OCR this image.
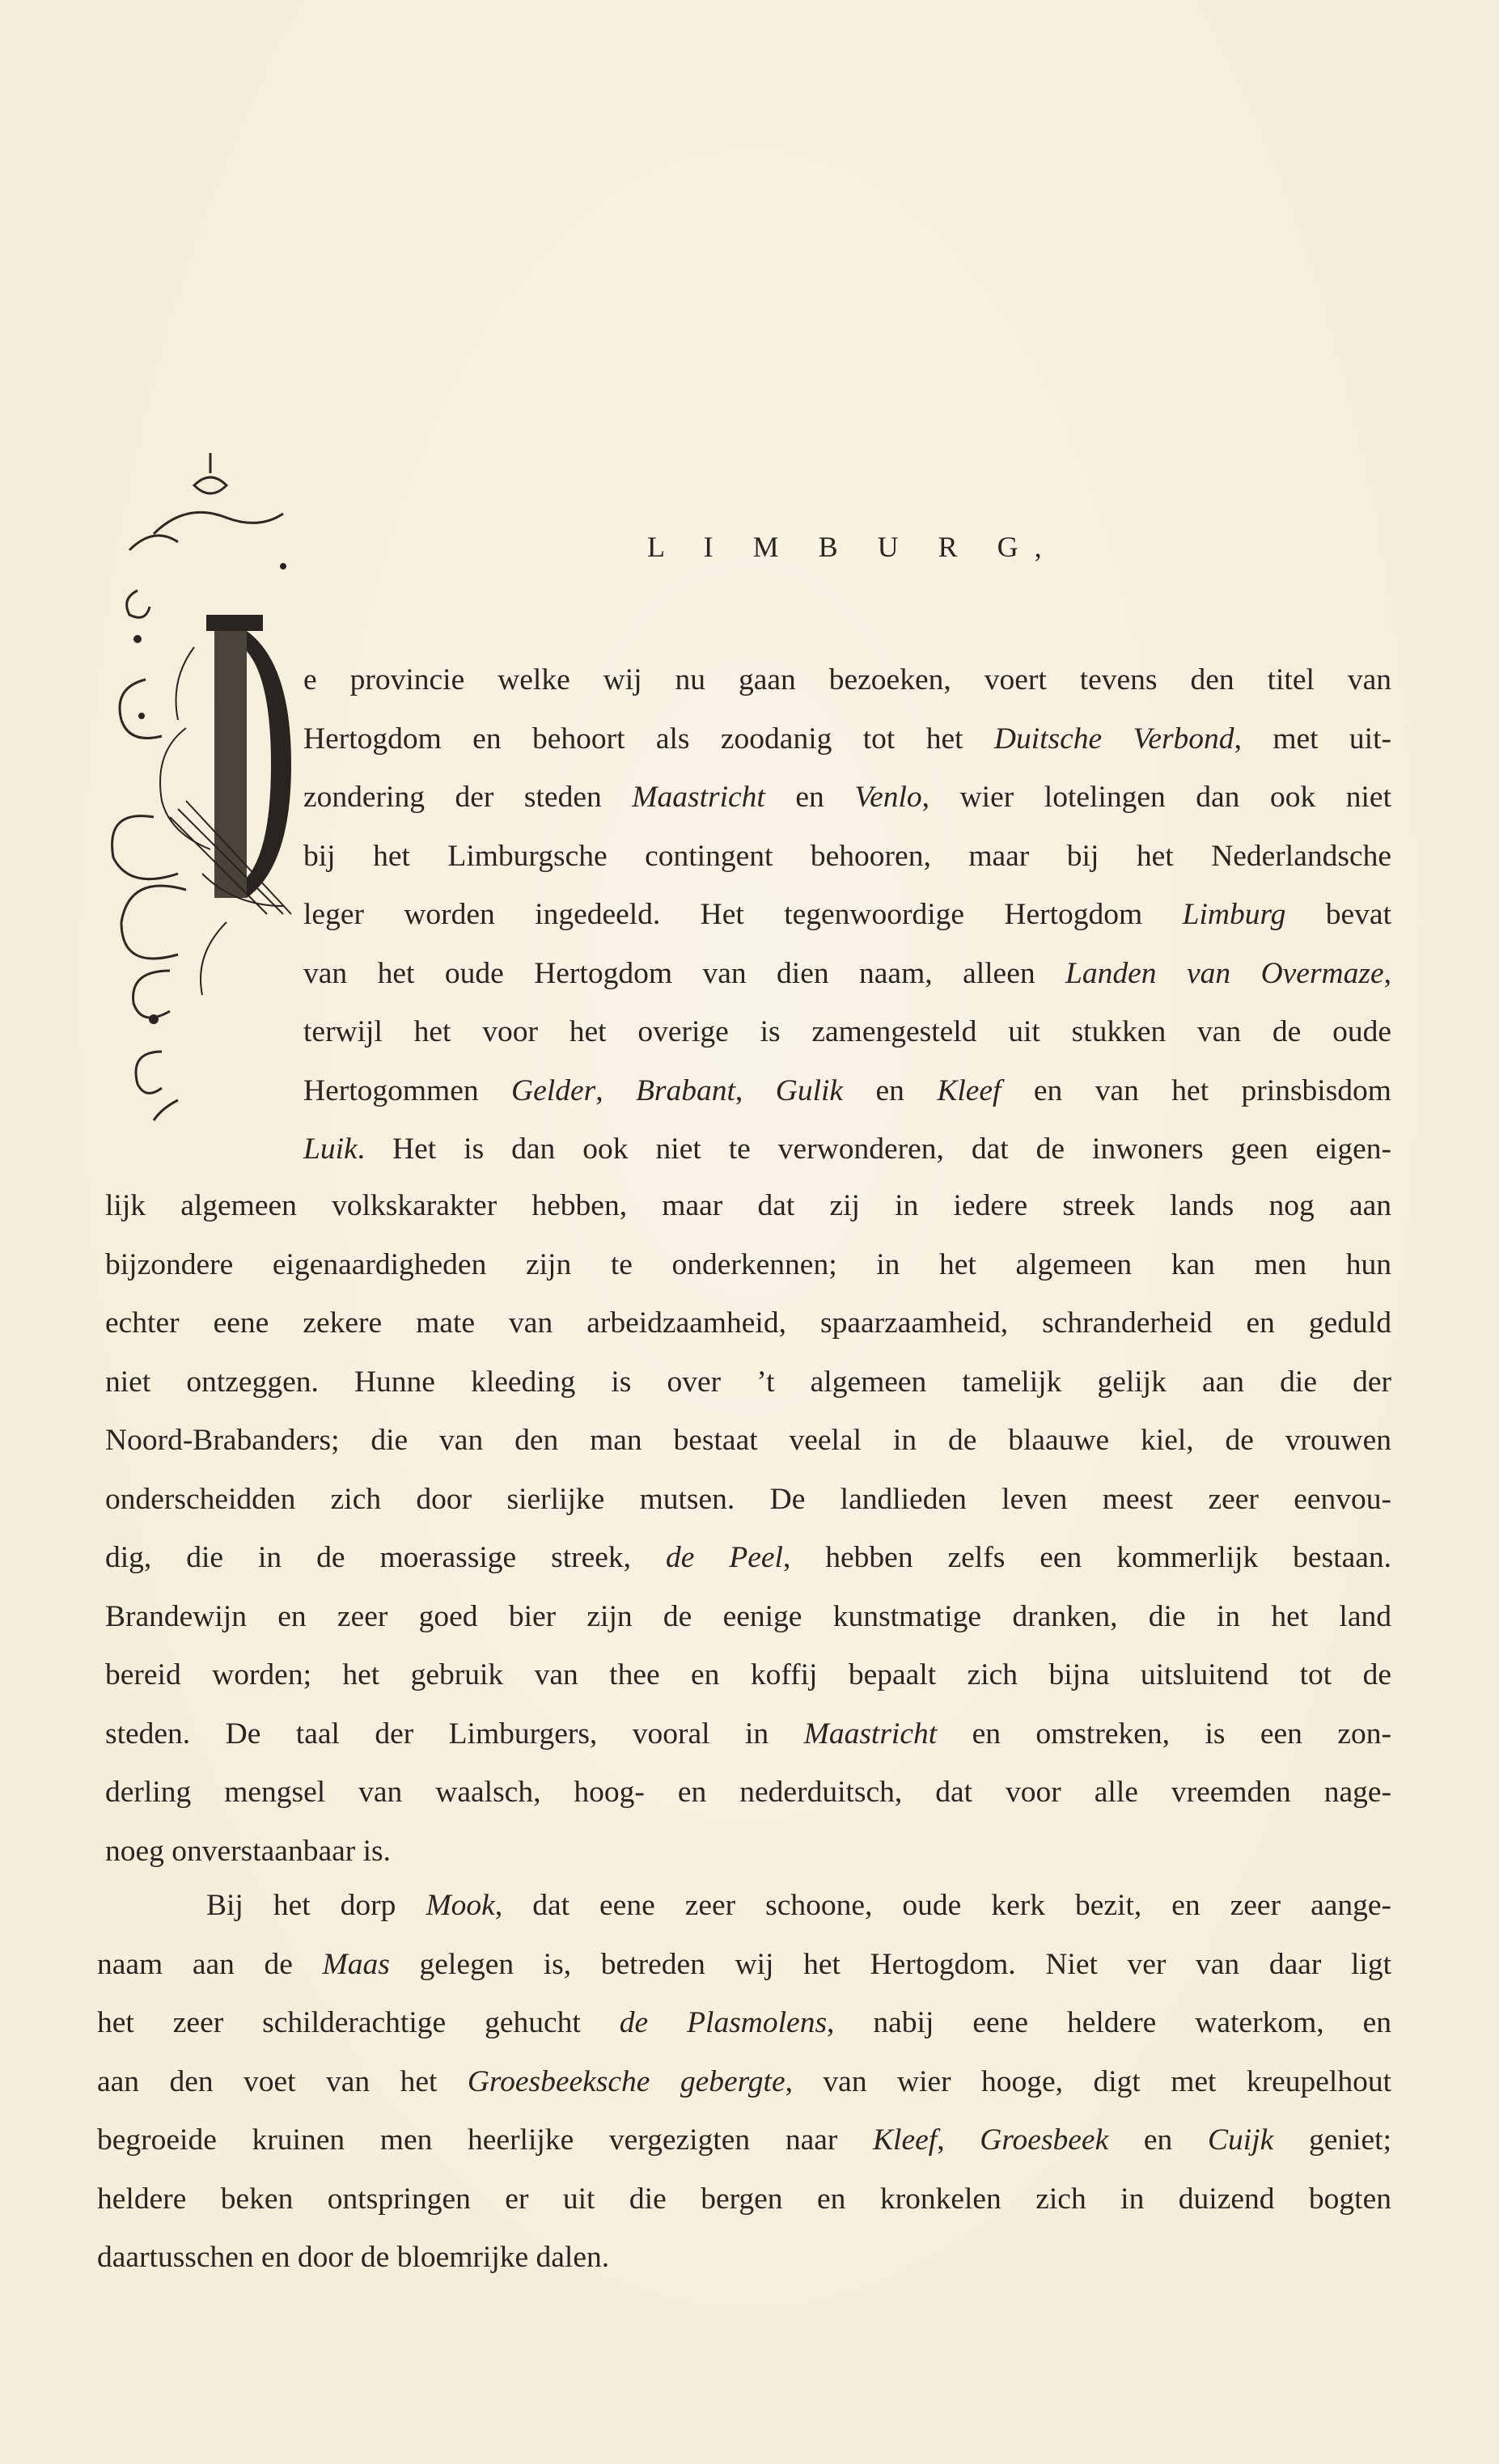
L I M B U R G,
e provincie welke wij nu gaan bezoeken, voert tevens den titel van
Hertogdom en behoort als zoodanig tot het Duitsche Verbond, met uit-
zondering der steden Maastricht en Venlo, wier lotelingen dan ook niet
bij het Limburgsche contingent behooren, maar bij het Nederlandsche
leger worden ingedeeld. Het tegenwoordige Hertogdom Limburg bevat
van het oude Hertogdom van dien naam, alleen Landen van Overmaze,
terwijl het voor het overige is zamengesteld uit stukken van de oude
Hertogommen Gelder, Brabant, Gulik en Kleef en van het prinsbisdom
Luik. Het is dan ook niet te verwonderen, dat de inwoners geen eigen-
lijk algemeen volkskarakter hebben, maar dat zij in iedere streek lands nog aan
bijzondere eigenaardigheden zijn te onderkennen; in het algemeen kan men hun
echter eene zekere mate van arbeidzaamheid, spaarzaamheid, schranderheid en geduld
niet ontzeggen. Hunne kleeding is over ’t algemeen tamelijk gelijk aan die der
Noord-Brabanders; die van den man bestaat veelal in de blaauwe kiel, de vrouwen
onderscheidden zich door sierlijke mutsen. De landlieden leven meest zeer eenvou-
dig, die in de moerassige streek, de Peel, hebben zelfs een kommerlijk bestaan.
Brandewijn en zeer goed bier zijn de eenige kunstmatige dranken, die in het land
bereid worden; het gebruik van thee en koffij bepaalt zich bijna uitsluitend tot de
steden. De taal der Limburgers, vooral in Maastricht en omstreken, is een zon-
derling mengsel van waalsch, hoog- en nederduitsch, dat voor alle vreemden nage-
noeg onverstaanbaar is.
Bij het dorp Mook, dat eene zeer schoone, oude kerk bezit, en zeer aange-
naam aan de Maas gelegen is, betreden wij het Hertogdom. Niet ver van daar ligt
het zeer schilderachtige gehucht de Plasmolens, nabij eene heldere waterkom, en
aan den voet van het Groesbeeksche gebergte, van wier hooge, digt met kreupelhout
begroeide kruinen men heerlijke vergezigten naar Kleef, Groesbeek en Cuijk geniet;
heldere beken ontspringen er uit die bergen en kronkelen zich in duizend bogten
daartusschen en door de bloemrijke dalen.
